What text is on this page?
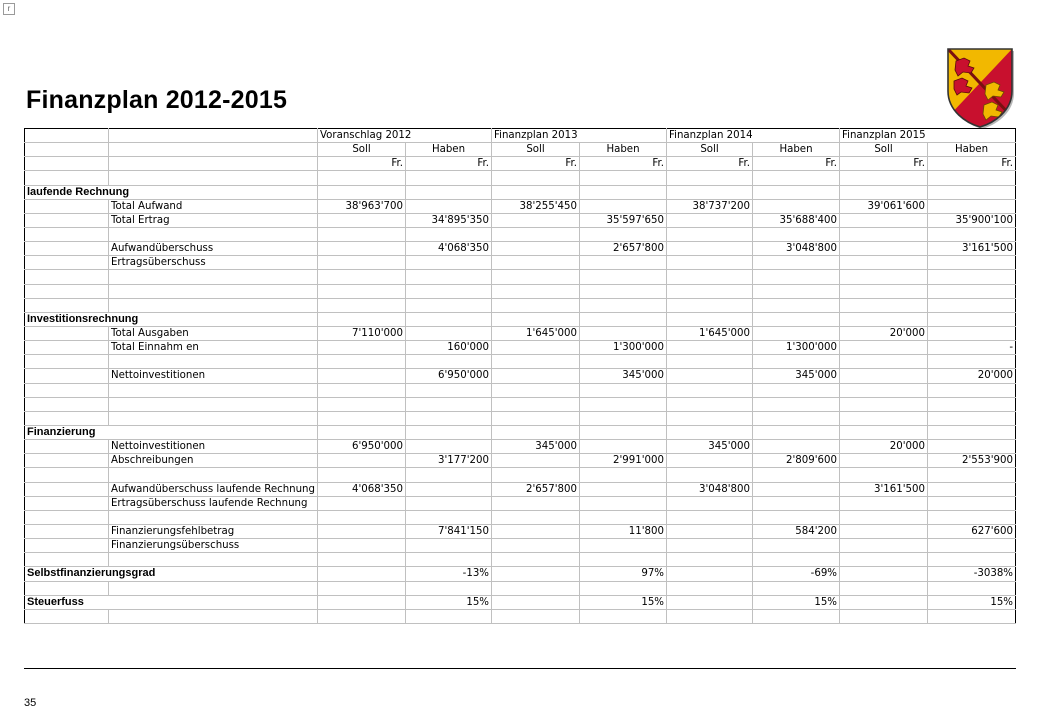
r
Finanzplan 2012-2015
		Voranschlag 2012		Finanzplan 2013		Finanzplan 2014		Finanzplan 2015	
		Soll	Haben	Soll	Haben	Soll	Haben	Soll	Haben
		Fr.	Fr.	Fr.	Fr.	Fr.	Fr.	Fr.	Fr.

laufende Rechnung									
	Total Aufwand	38'963'700		38'255'450		38'737'200		39'061'600	
	Total Ertrag		34'895'350		35'597'650		35'688'400		35'900'100

	Aufwandüberschuss		4'068'350		2'657'800		3'048'800		3'161'500
	Ertragsüberschuss								

Investitionsrechnung									
	Total Ausgaben	7'110'000		1'645'000		1'645'000		20'000	
	Total Einnahm en		160'000		1'300'000		1'300'000		-

	Nettoinvestitionen		6'950'000		345'000		345'000		20'000

Finanzierung									
	Nettoinvestitionen	6'950'000		345'000		345'000		20'000	
	Abschreibungen		3'177'200		2'991'000		2'809'600		2'553'900

	Aufwandüberschuss laufende Rechnung	4'068'350		2'657'800		3'048'800		3'161'500	
	Ertragsüberschuss laufende Rechnung								

	Finanzierungsfehlbetrag		7'841'150		11'800		584'200		627'600
	Finanzierungsüberschuss								

Selbstfinanzierungsgrad			-13%		97%		-69%		-3038%

Steuerfuss			15%		15%		15%		15%

35
